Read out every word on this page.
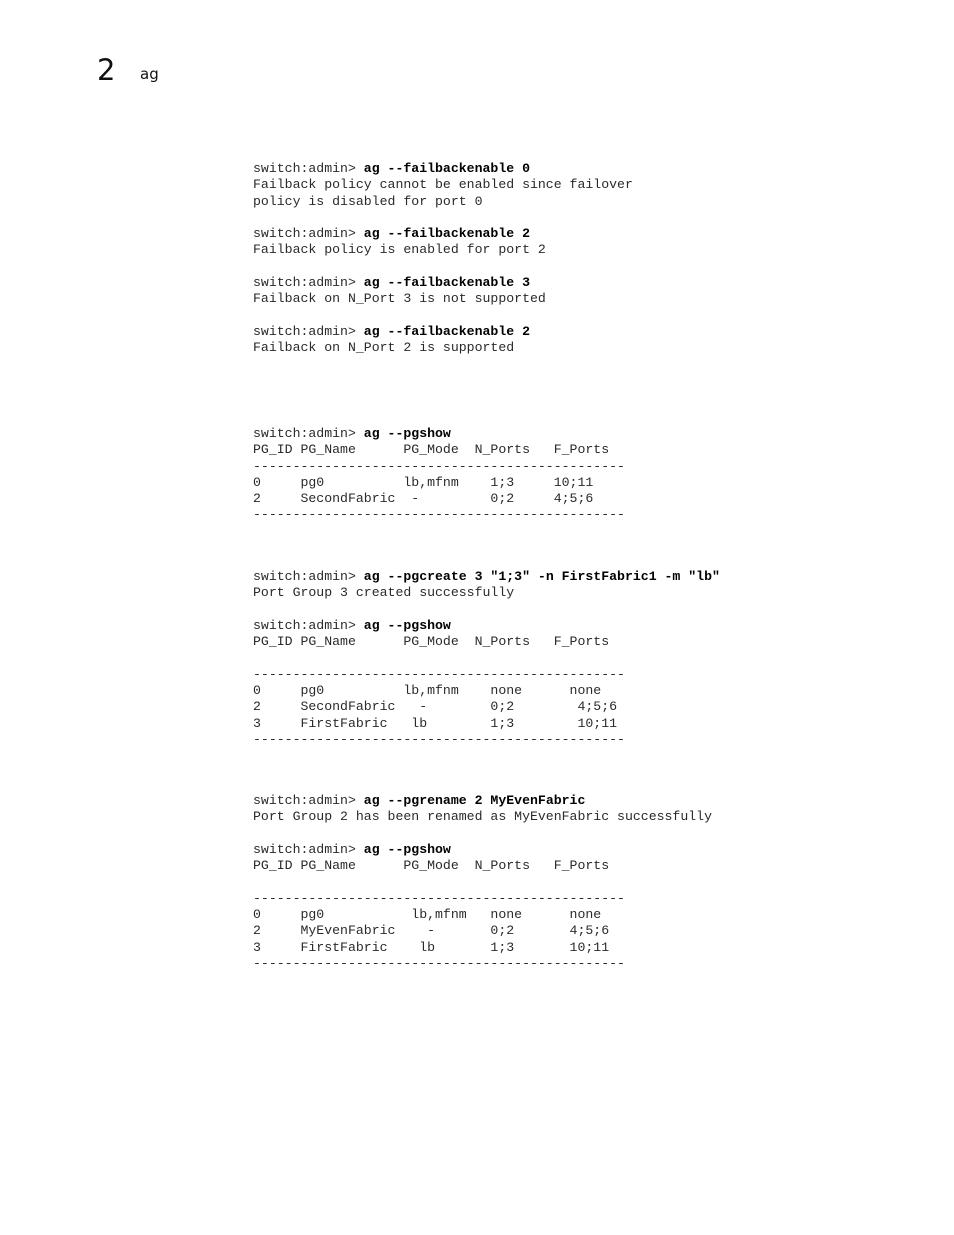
2 ag
switch:admin> ag --failbackenable 0
Failback policy cannot be enabled since failover
policy is disabled for port 0
switch:admin> ag --failbackenable 2
Failback policy is enabled for port 2
switch:admin> ag --failbackenable 3
Failback on N_Port 3 is not supported
switch:admin> ag --failbackenable 2
Failback on N_Port 2 is supported
switch:admin> ag --pgshow
PG_ID PG_Name      PG_Mode  N_Ports   F_Ports
-----------------------------------------------
0     pg0          lb,mfnm    1;3     10;11
2     SecondFabric  -         0;2     4;5;6
-----------------------------------------------
switch:admin> ag --pgcreate 3 "1;3" -n FirstFabric1 -m "lb"
Port Group 3 created successfully
switch:admin> ag --pgshow
PG_ID PG_Name      PG_Mode  N_Ports   F_Ports
-----------------------------------------------
0     pg0          lb,mfnm    none      none
2     SecondFabric   -        0;2        4;5;6
3     FirstFabric   lb        1;3        10;11
-----------------------------------------------
switch:admin> ag --pgrename 2 MyEvenFabric
Port Group 2 has been renamed as MyEvenFabric successfully
switch:admin> ag --pgshow
PG_ID PG_Name      PG_Mode  N_Ports   F_Ports
-----------------------------------------------
0     pg0           lb,mfnm   none      none
2     MyEvenFabric    -       0;2       4;5;6
3     FirstFabric    lb       1;3       10;11
-----------------------------------------------
